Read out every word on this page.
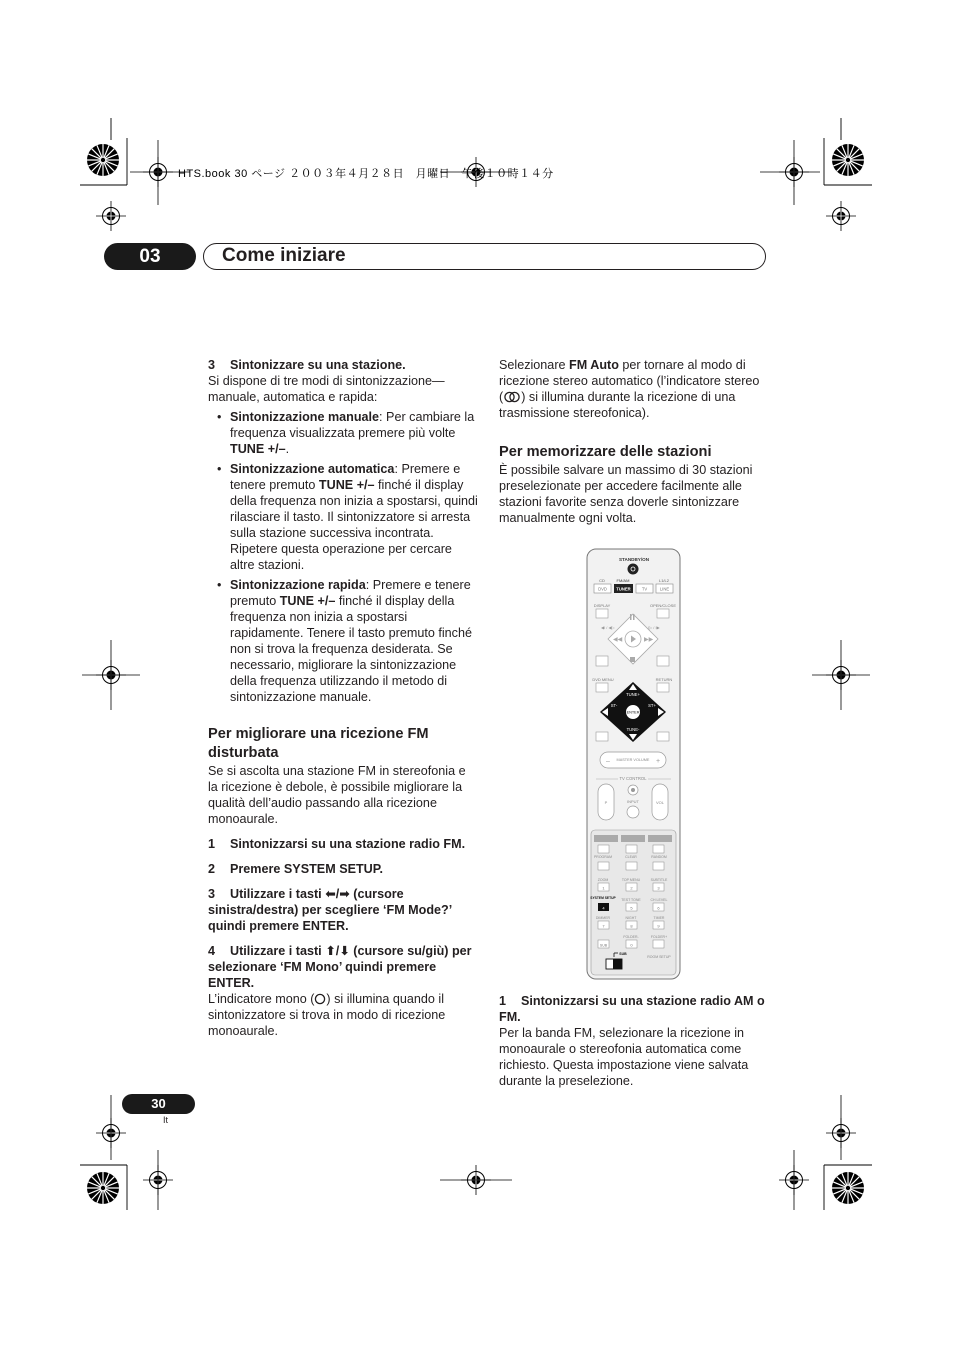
HTS.book 30 ページ ２００３年４月２８日　月曜日　午後１０時１４分
03	Come iniziare

3 Sintonizzare su una stazione.

Si dispone di tre modi di sintonizzazione—manuale, automatica e rapida:

• Sintonizzazione manuale: Per cambiare la frequenza visualizzata premere più volte TUNE +/–.
• Sintonizzazione automatica: Premere e tenere premuto TUNE +/– finché il display della frequenza non inizia a spostarsi, quindi rilasciare il tasto. Il sintonizzatore si arresta sulla stazione successiva incontrata. Ripetere questa operazione per cercare altre stazioni.
• Sintonizzazione rapida: Premere e tenere premuto TUNE +/– finché il display della frequenza non inizia a spostarsi rapidamente. Tenere il tasto premuto finché non si trova la frequenza desiderata. Se necessario, migliorare la sintonizzazione della frequenza utilizzando il metodo di sintonizzazione manuale.

Per migliorare una ricezione FM disturbata

Se si ascolta una stazione FM in stereofonia e la ricezione è debole, è possibile migliorare la qualità dell’audio passando alla ricezione monoaurale.

1 Sintonizzarsi su una stazione radio FM.

2 Premere SYSTEM SETUP.

3 Utilizzare i tasti ⬅/➡ (cursore sinistra/destra) per scegliere ‘FM Mode?’ quindi premere ENTER.

4 Utilizzare i tasti ⬆/⬇ (cursore su/giù) per selezionare ‘FM Mono’ quindi premere ENTER.

L’indicatore mono ( ) si illumina quando il sintonizzatore si trova in modo di ricezione monoaurale.

Selezionare FM Auto per tornare al modo di ricezione stereo automatico (l’indicatore stereo ( ) si illumina durante la ricezione di una trasmissione stereofonica).

Per memorizzare delle stazioni

È possibile salvare un massimo di 30 stazioni preselezionate per accedere facilmente alle stazioni favorite senza doverle sintonizzare manualmente ogni volta.

STANDBY/ON
CD	FM/AM	L1/L2
DVD TUNER	TV	LINE
DISPLAY	OPEN/CLOSE
◀I / ◀▷	I▷ / I▶
◀◀	▶▶
DVD MENU	RETURN
ENTER
TUNE+
TUNE-
ST-	ST+
MASTER VOLUME
–	+
TV CONTROL
P	VOL
INPUT
PROGRAM	CLEAR	RANDOM
ZOOM	TOP MENU	SUBTITLE
1	2	3
SYSTEM SETUP TEST TONE	CH LEVEL
4	5	6
DIMMER	NIGHT	TIMER
7	8	9
FOLDER-	FOLDER+
SUB	0
SUB
ROOM SETUP

1 Sintonizzarsi su una stazione radio AM o FM.

Per la banda FM, selezionare la ricezione in monoaurale o stereofonia automatica come richiesto. Questa impostazione viene salvata durante la preselezione.

30
It
